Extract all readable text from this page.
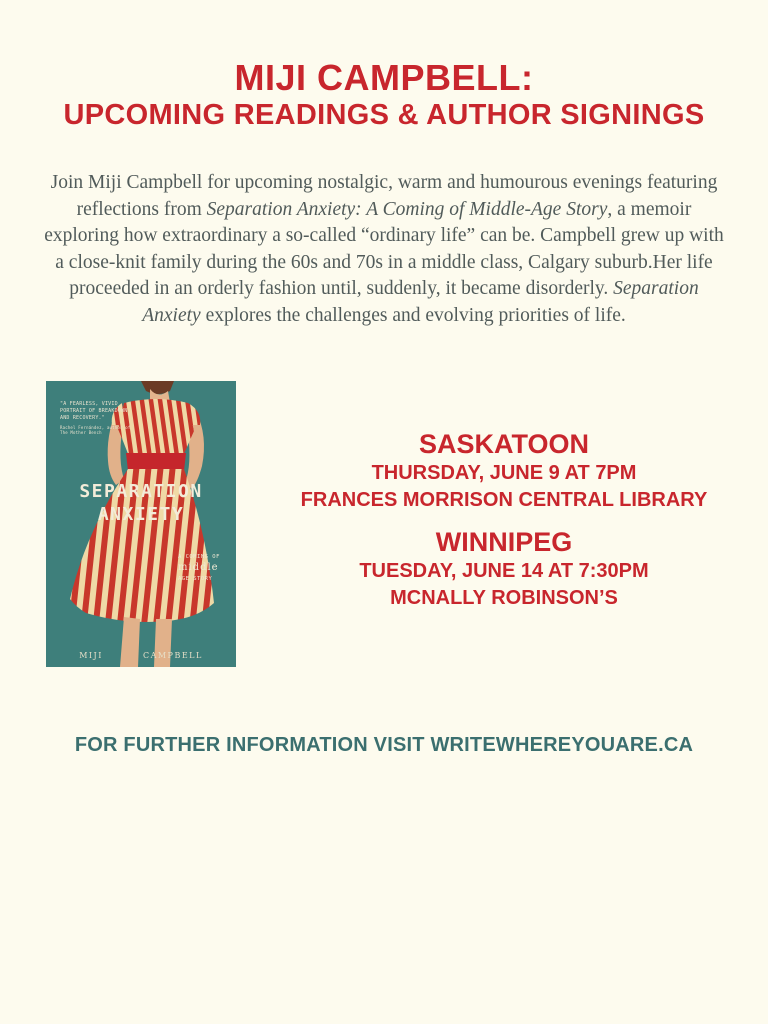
MIJI CAMPBELL:
UPCOMING READINGS & AUTHOR SIGNINGS
Join Miji Campbell for upcoming nostalgic, warm and humourous evenings featuring reflections from Separation Anxiety: A Coming of Middle-Age Story, a memoir exploring how extraordinary a so-called “ordinary life” can be. Campbell grew up with a close-knit family during the 60s and 70s in a middle class, Calgary suburb.Her life proceeded in an orderly fashion until, suddenly, it became disorderly. Separation Anxiety explores the challenges and evolving priorities of life.
"A FEARLESS, VIVID PORTRAIT OF BREAKDOWN AND RECOVERY."
Rachel Fernández, author of The Mother Bench
SEPARATION
ANXIETY
A COMING OF
middle
AGE STORY
MIJI CAMPBELL
SASKATOON
THURSDAY, JUNE 9 AT 7PM
FRANCES MORRISON CENTRAL LIBRARY
WINNIPEG
TUESDAY, JUNE 14 AT 7:30PM
MCNALLY ROBINSON’S
FOR FURTHER INFORMATION VISIT WRITEWHEREYOUARE.CA
